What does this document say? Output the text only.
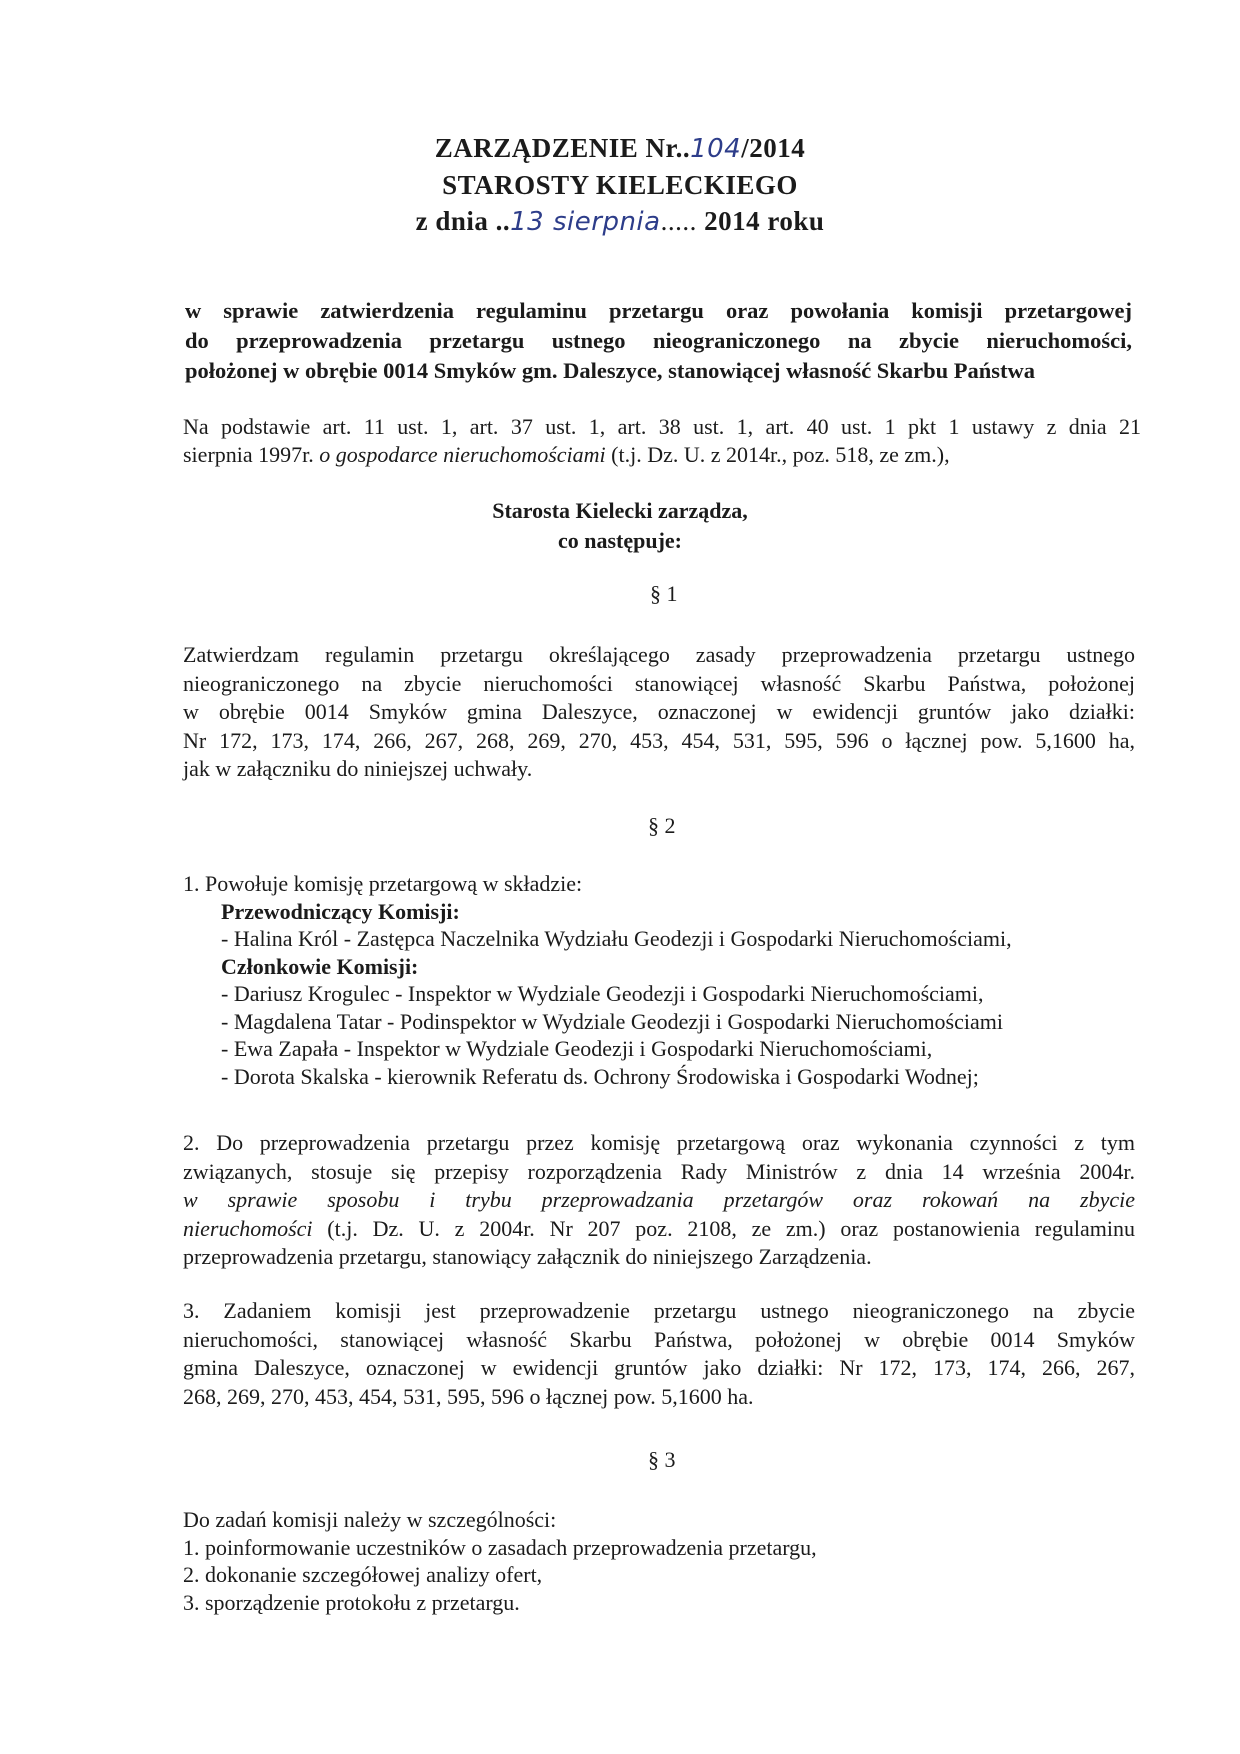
ZARZĄDZENIE Nr..104/2014
STAROSTY KIELECKIEGO
z dnia ..13 sierpnia..... 2014 roku
w sprawie zatwierdzenia regulaminu przetargu oraz powołania komisji przetargowej
do przeprowadzenia przetargu ustnego nieograniczonego na zbycie nieruchomości,
położonej w obrębie 0014 Smyków gm. Daleszyce, stanowiącej własność Skarbu Państwa
Na podstawie art. 11 ust. 1, art. 37 ust. 1, art. 38 ust. 1, art. 40 ust. 1 pkt 1 ustawy z dnia 21
sierpnia 1997r. o gospodarce nieruchomościami (t.j. Dz. U. z 2014r., poz. 518, ze zm.),
Starosta Kielecki zarządza,
co następuje:
§ 1
Zatwierdzam regulamin przetargu określającego zasady przeprowadzenia przetargu ustnego
nieograniczonego na zbycie nieruchomości stanowiącej własność Skarbu Państwa, położonej
w obrębie 0014 Smyków gmina Daleszyce, oznaczonej w ewidencji gruntów jako działki:
Nr 172, 173, 174, 266, 267, 268, 269, 270, 453, 454, 531, 595, 596 o łącznej pow. 5,1600 ha,
jak w załączniku do niniejszej uchwały.
§ 2
1. Powołuje komisję przetargową w składzie:
Przewodniczący Komisji:
- Halina Król - Zastępca Naczelnika Wydziału Geodezji i Gospodarki Nieruchomościami,
Członkowie Komisji:
- Dariusz Krogulec - Inspektor w Wydziale Geodezji i Gospodarki Nieruchomościami,
- Magdalena Tatar - Podinspektor w Wydziale Geodezji i Gospodarki Nieruchomościami
- Ewa Zapała - Inspektor w Wydziale Geodezji i Gospodarki Nieruchomościami,
- Dorota Skalska - kierownik Referatu ds. Ochrony Środowiska i Gospodarki Wodnej;
2. Do przeprowadzenia przetargu przez komisję przetargową oraz wykonania czynności z tym
związanych, stosuje się przepisy rozporządzenia Rady Ministrów z dnia 14 września 2004r.
w sprawie sposobu i trybu przeprowadzania przetargów oraz rokowań na zbycie
nieruchomości (t.j. Dz. U. z 2004r. Nr 207 poz. 2108, ze zm.) oraz postanowienia regulaminu
przeprowadzenia przetargu, stanowiący załącznik do niniejszego Zarządzenia.
3. Zadaniem komisji jest przeprowadzenie przetargu ustnego nieograniczonego na zbycie
nieruchomości, stanowiącej własność Skarbu Państwa, położonej w obrębie 0014 Smyków
gmina Daleszyce, oznaczonej w ewidencji gruntów jako działki: Nr 172, 173, 174, 266, 267,
268, 269, 270, 453, 454, 531, 595, 596 o łącznej pow. 5,1600 ha.
§ 3
Do zadań komisji należy w szczególności:
1. poinformowanie uczestników o zasadach przeprowadzenia przetargu,
2. dokonanie szczegółowej analizy ofert,
3. sporządzenie protokołu z przetargu.
